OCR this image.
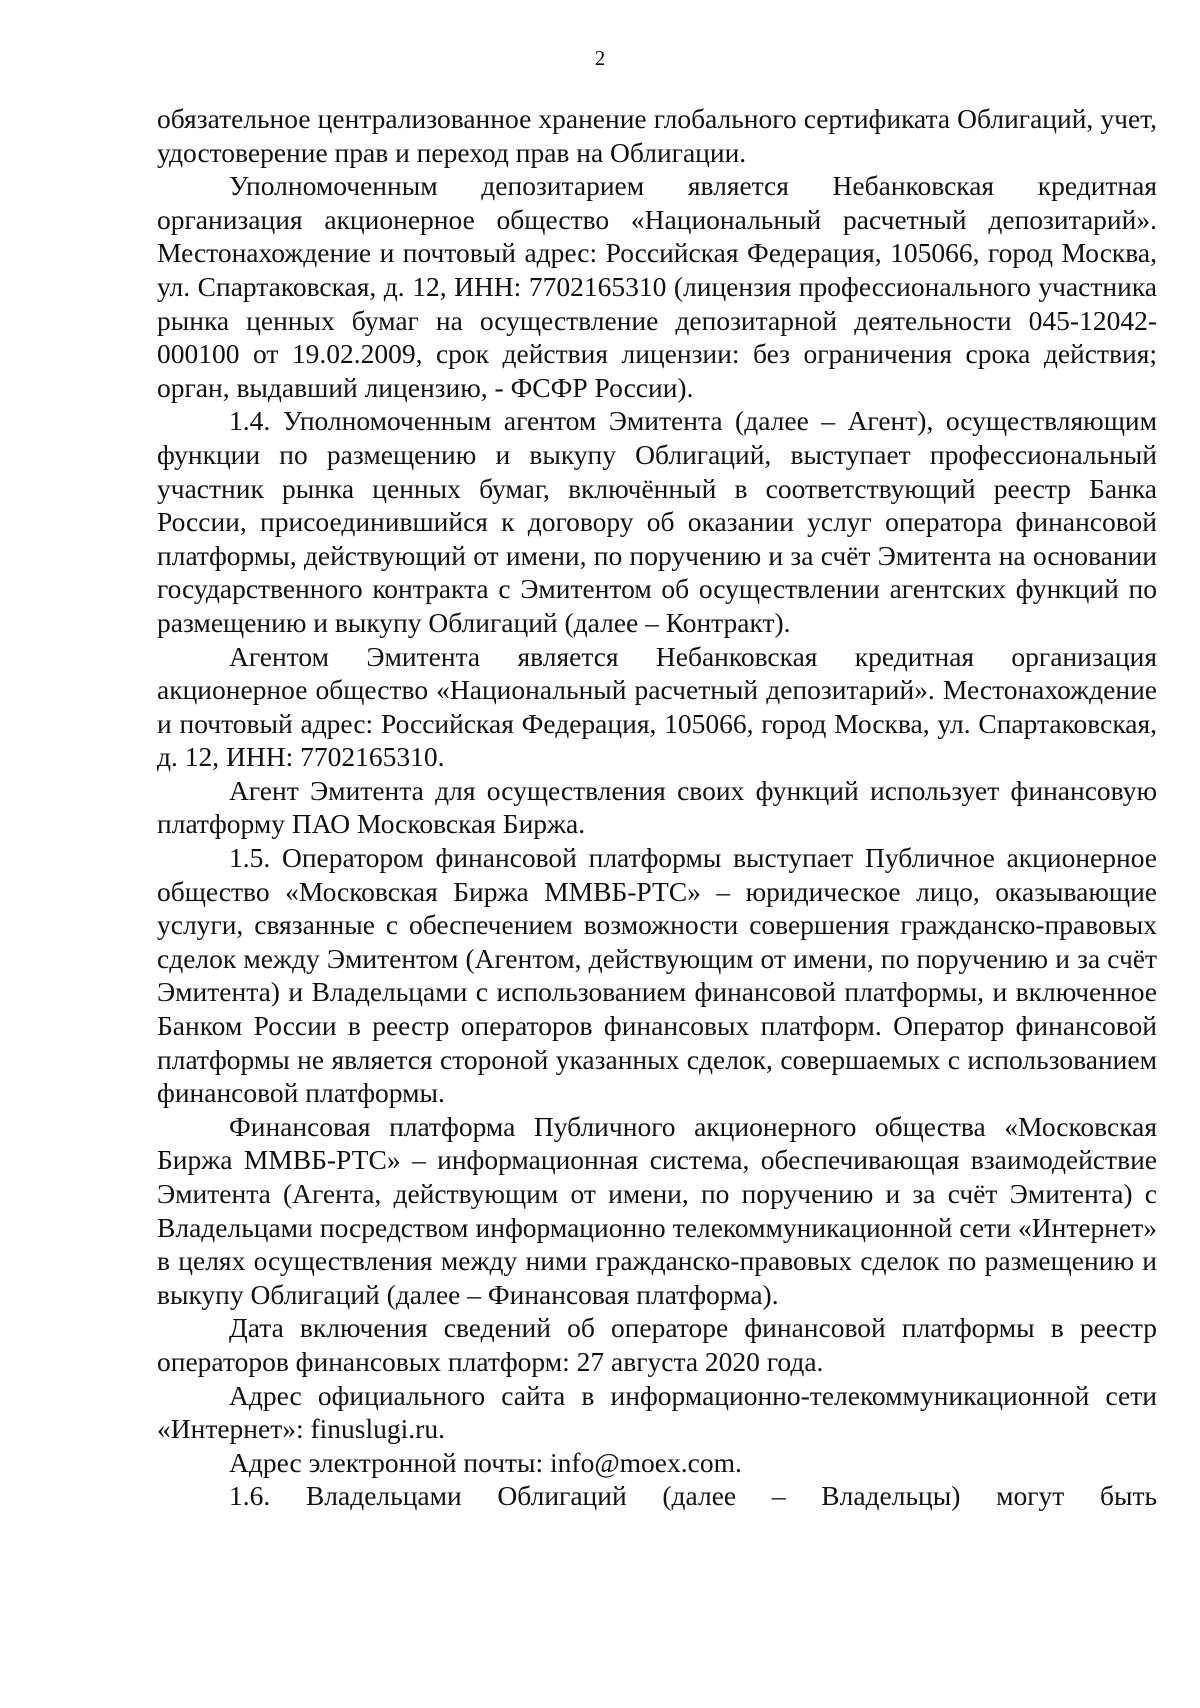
2

обязательное централизованное хранение глобального сертификата Облигаций, учет, удостоверение прав и переход прав на Облигации.

Уполномоченным депозитарием является Небанковская кредитная организация акционерное общество «Национальный расчетный депозитарий». Местонахождение и почтовый адрес: Российская Федерация, 105066, город Москва, ул. Спартаковская, д. 12, ИНН: 7702165310 (лицензия профессионального участника рынка ценных бумаг на осуществление депозитарной деятельности 045-12042-000100 от 19.02.2009, срок действия лицензии: без ограничения срока действия; орган, выдавший лицензию, - ФСФР России).

1.4. Уполномоченным агентом Эмитента (далее – Агент), осуществляющим функции по размещению и выкупу Облигаций, выступает профессиональный участник рынка ценных бумаг, включённый в соответствующий реестр Банка России, присоединившийся к договору об оказании услуг оператора финансовой платформы, действующий от имени, по поручению и за счёт Эмитента на основании государственного контракта с Эмитентом об осуществлении агентских функций по размещению и выкупу Облигаций (далее – Контракт).

Агентом Эмитента является Небанковская кредитная организация акционерное общество «Национальный расчетный депозитарий». Местонахождение и почтовый адрес: Российская Федерация, 105066, город Москва, ул. Спартаковская, д. 12, ИНН: 7702165310.

Агент Эмитента для осуществления своих функций использует финансовую платформу ПАО Московская Биржа.

1.5. Оператором финансовой платформы выступает Публичное акционерное общество «Московская Биржа ММВБ-РТС» – юридическое лицо, оказывающие услуги, связанные с обеспечением возможности совершения гражданско-правовых сделок между Эмитентом (Агентом, действующим от имени, по поручению и за счёт Эмитента) и Владельцами с использованием финансовой платформы, и включенное Банком России в реестр операторов финансовых платформ. Оператор финансовой платформы не является стороной указанных сделок, совершаемых с использованием финансовой платформы.

Финансовая платформа Публичного акционерного общества «Московская Биржа ММВБ-РТС» – информационная система, обеспечивающая взаимодействие Эмитента (Агента, действующим от имени, по поручению и за счёт Эмитента) с Владельцами посредством информационно телекоммуникационной сети «Интернет» в целях осуществления между ними гражданско-правовых сделок по размещению и выкупу Облигаций (далее – Финансовая платформа).

Дата включения сведений об операторе финансовой платформы в реестр операторов финансовых платформ: 27 августа 2020 года.

Адрес официального сайта в информационно-телекоммуникационной сети «Интернет»: finuslugi.ru.

Адрес электронной почты: info@moex.com.

1.6. Владельцами Облигаций (далее – Владельцы) могут быть
